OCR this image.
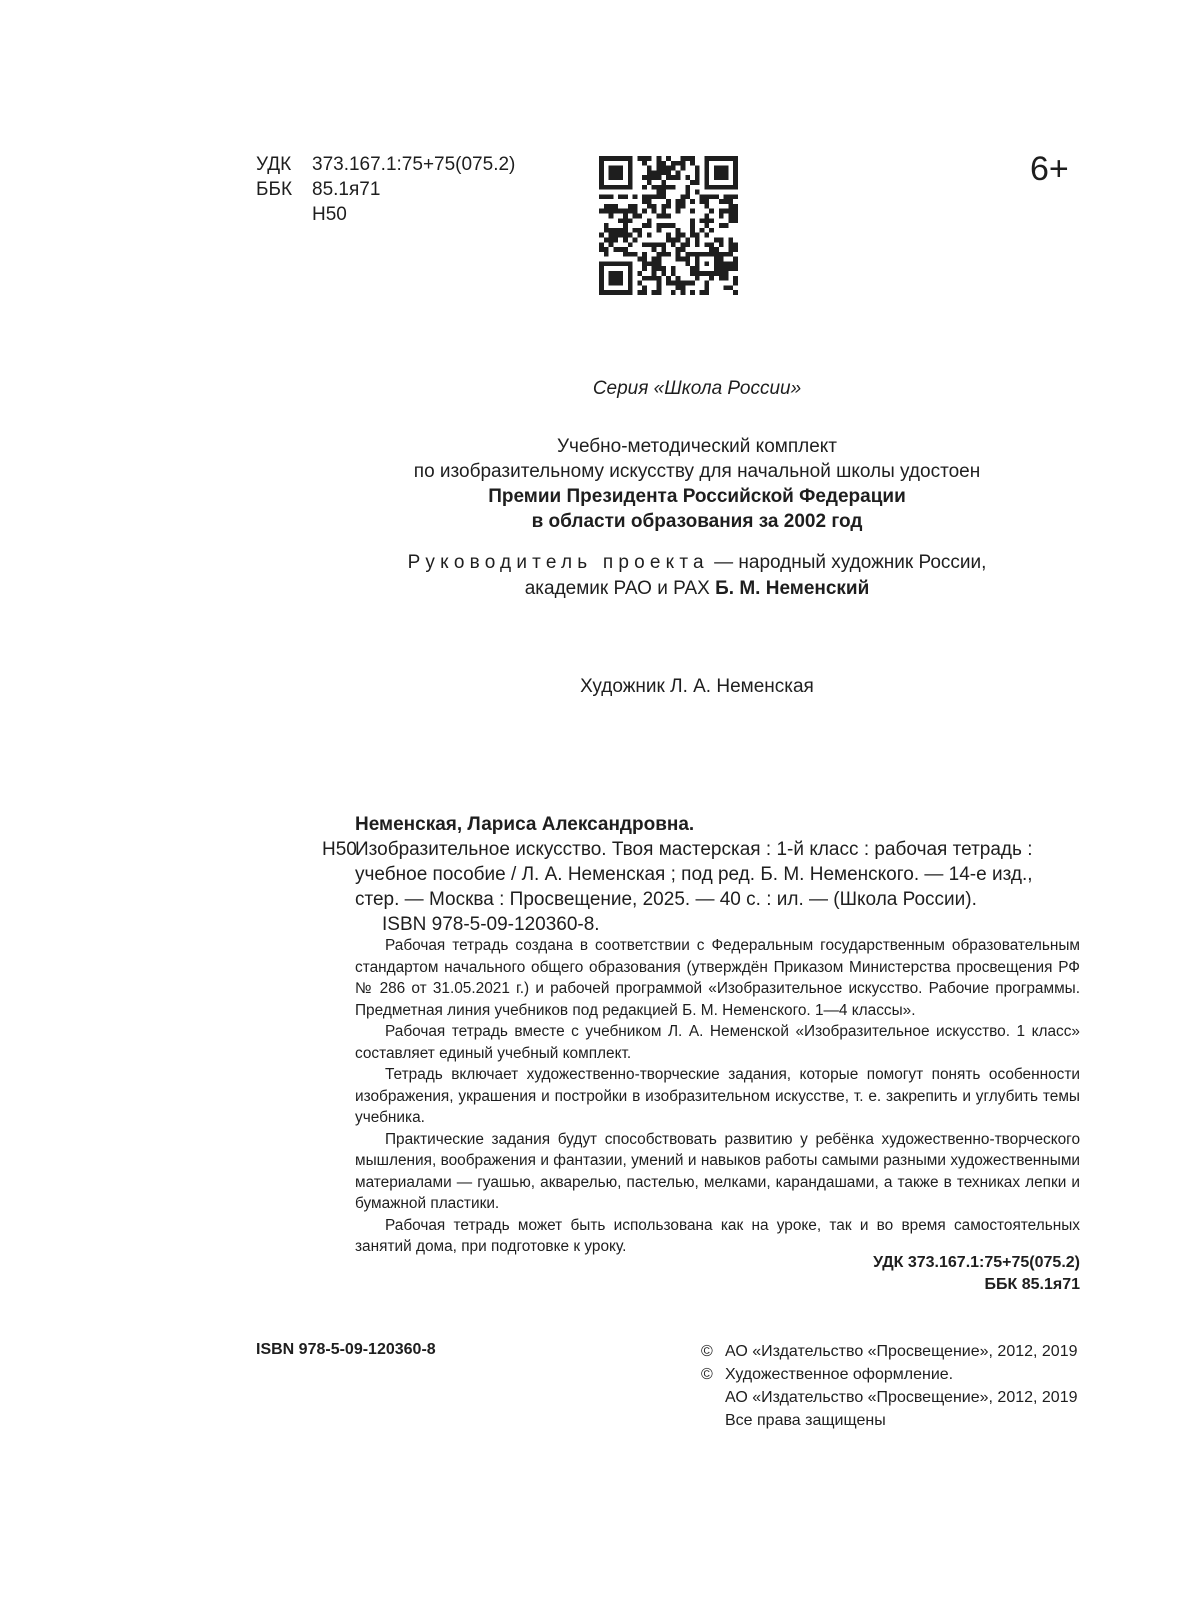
УДК	373.167.1:75+75(075.2)
ББК	85.1я71
Н50
6+
Серия «Школа России»
Учебно-методический комплект
по изобразительному искусству для начальной школы удостоен
Премии Президента Российской Федерации
в области образования за 2002 год
Руководитель проекта — народный художник России,
академик РАО и РАХ Б. М. Неменский
Художник Л. А. Неменская
Неменская, Лариса Александровна.
Н50
Изобразительное искусство. Твоя мастерская : 1-й класс : рабочая тетрадь :
учебное пособие / Л. А. Неменская ; под ред. Б. М. Неменского. — 14-е изд.,
стер. — Москва : Просвещение, 2025. — 40 с. : ил. — (Школа России).
ISBN 978-5-09-120360-8.

Рабочая тетрадь создана в соответствии с Федеральным государственным образовательным стандартом начального общего образования (утверждён Приказом Министерства просвещения РФ № 286 от 31.05.2021 г.) и рабочей программой «Изобразительное искусство. Рабочие программы. Предметная линия учебников под редакцией Б. М. Неменского. 1—4 классы».

Рабочая тетрадь вместе с учебником Л. А. Неменской «Изобразительное искусство. 1 класс» составляет единый учебный комплект.

Тетрадь включает художественно-творческие задания, которые помогут понять особенности изображения, украшения и постройки в изобразительном искусстве, т. е. закрепить и углубить темы учебника.

Практические задания будут способствовать развитию у ребёнка художественно-творческого мышления, воображения и фантазии, умений и навыков работы самыми разными художественными материалами — гуашью, акварелью, пастелью, мелками, карандашами, а также в техниках лепки и бумажной пластики.

Рабочая тетрадь может быть использована как на уроке, так и во время самостоятельных занятий дома, при подготовке к уроку.

УДК 373.167.1:75+75(075.2)
ББК 85.1я71
ISBN 978-5-09-120360-8	© АО «Издательство «Просвещение», 2012, 2019
© Художественное оформление.
АО «Издательство «Просвещение», 2012, 2019
Все права защищены
